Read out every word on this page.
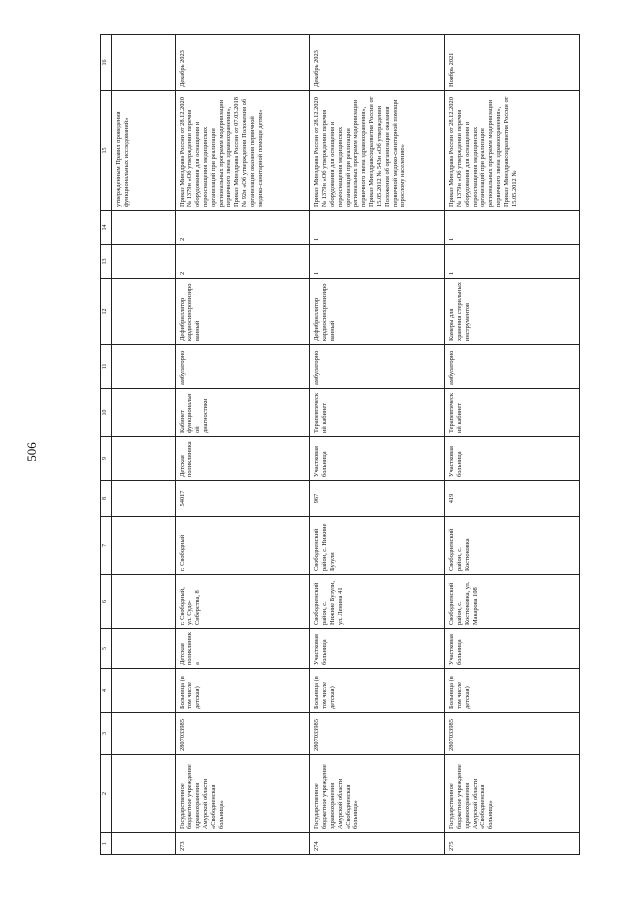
506
1	2	3	4	5	6	7	8	9	10	11	12	13	14	15	16
														утвержденным Правил проведения функциональных исследований»	
273	Государственное бюджетное учреждение здравоохранения Амурской области «Свободненская больница»	2807033985	Больница (в том числе детская)	Детская поликлиника	г. Свободный, ул. Судо-Сиберства, 8	г. Свободный	54017	Детская поликлиника	Кабинет функциональной диагностики	амбулаторно	Дефибриллятор кардиосинхронизированный	2	2	Приказ Минздрава России от 28.12.2020 № 1379н «Об утверждении перечня оборудования для оснащения и переоснащения медицинских организаций при реализации региональных программ модернизации первичного звена здравоохранения», Приказ Минздрава России от 07.03.2018 № 92н «Об утверждении Положения об организации оказания первичной медико-санитарной помощи детям»	Декабрь 2023
274	Государственное бюджетное учреждение здравоохранения Амурской области «Свободненская больница»	2807033985	Больница (в том числе детская)	Участковая больница	Свободненский район, с. Нижние Бузули, ул. Ленина 41	Свободненский район, с. Нижние Бузули	967	Участковая больница	Терапевтический кабинет	амбулаторно	Дефибриллятор кардиосинхронизированный	1	1	Приказ Минздрава России от 28.12.2020 № 1379н «Об утверждении перечня оборудования для оснащения и переоснащения медицинских организаций при реализации региональных программ модернизации первичного звена здравоохранения», Приказ Минздравсоцразвития России от 15.05.2012 № 543н «Об утверждении Положения об организации оказания первичной медико-санитарной помощи взрослому населению»	Декабрь 2023
275	Государственное бюджетное учреждение здравоохранения Амурской области «Свободненская больница»	2807033985	Больница (в том числе детская)	Участковая больница	Свободненский район, с. Костюковка, ул. Макарова 108	Свободненский район, с. Костюковка	419	Участковая больница	Терапевтический кабинет	амбулаторно	Камеры для хранения стерильных инструментов	1	1	Приказ Минздрава России от 28.12.2020 № 1379н «Об утверждении перечня оборудования для оснащения и переоснащения медицинских организаций при реализации региональных программ модернизации первичного звена здравоохранения», Приказ Минздравсоцразвития России от 15.05.2012 №	Ноябрь 2021
